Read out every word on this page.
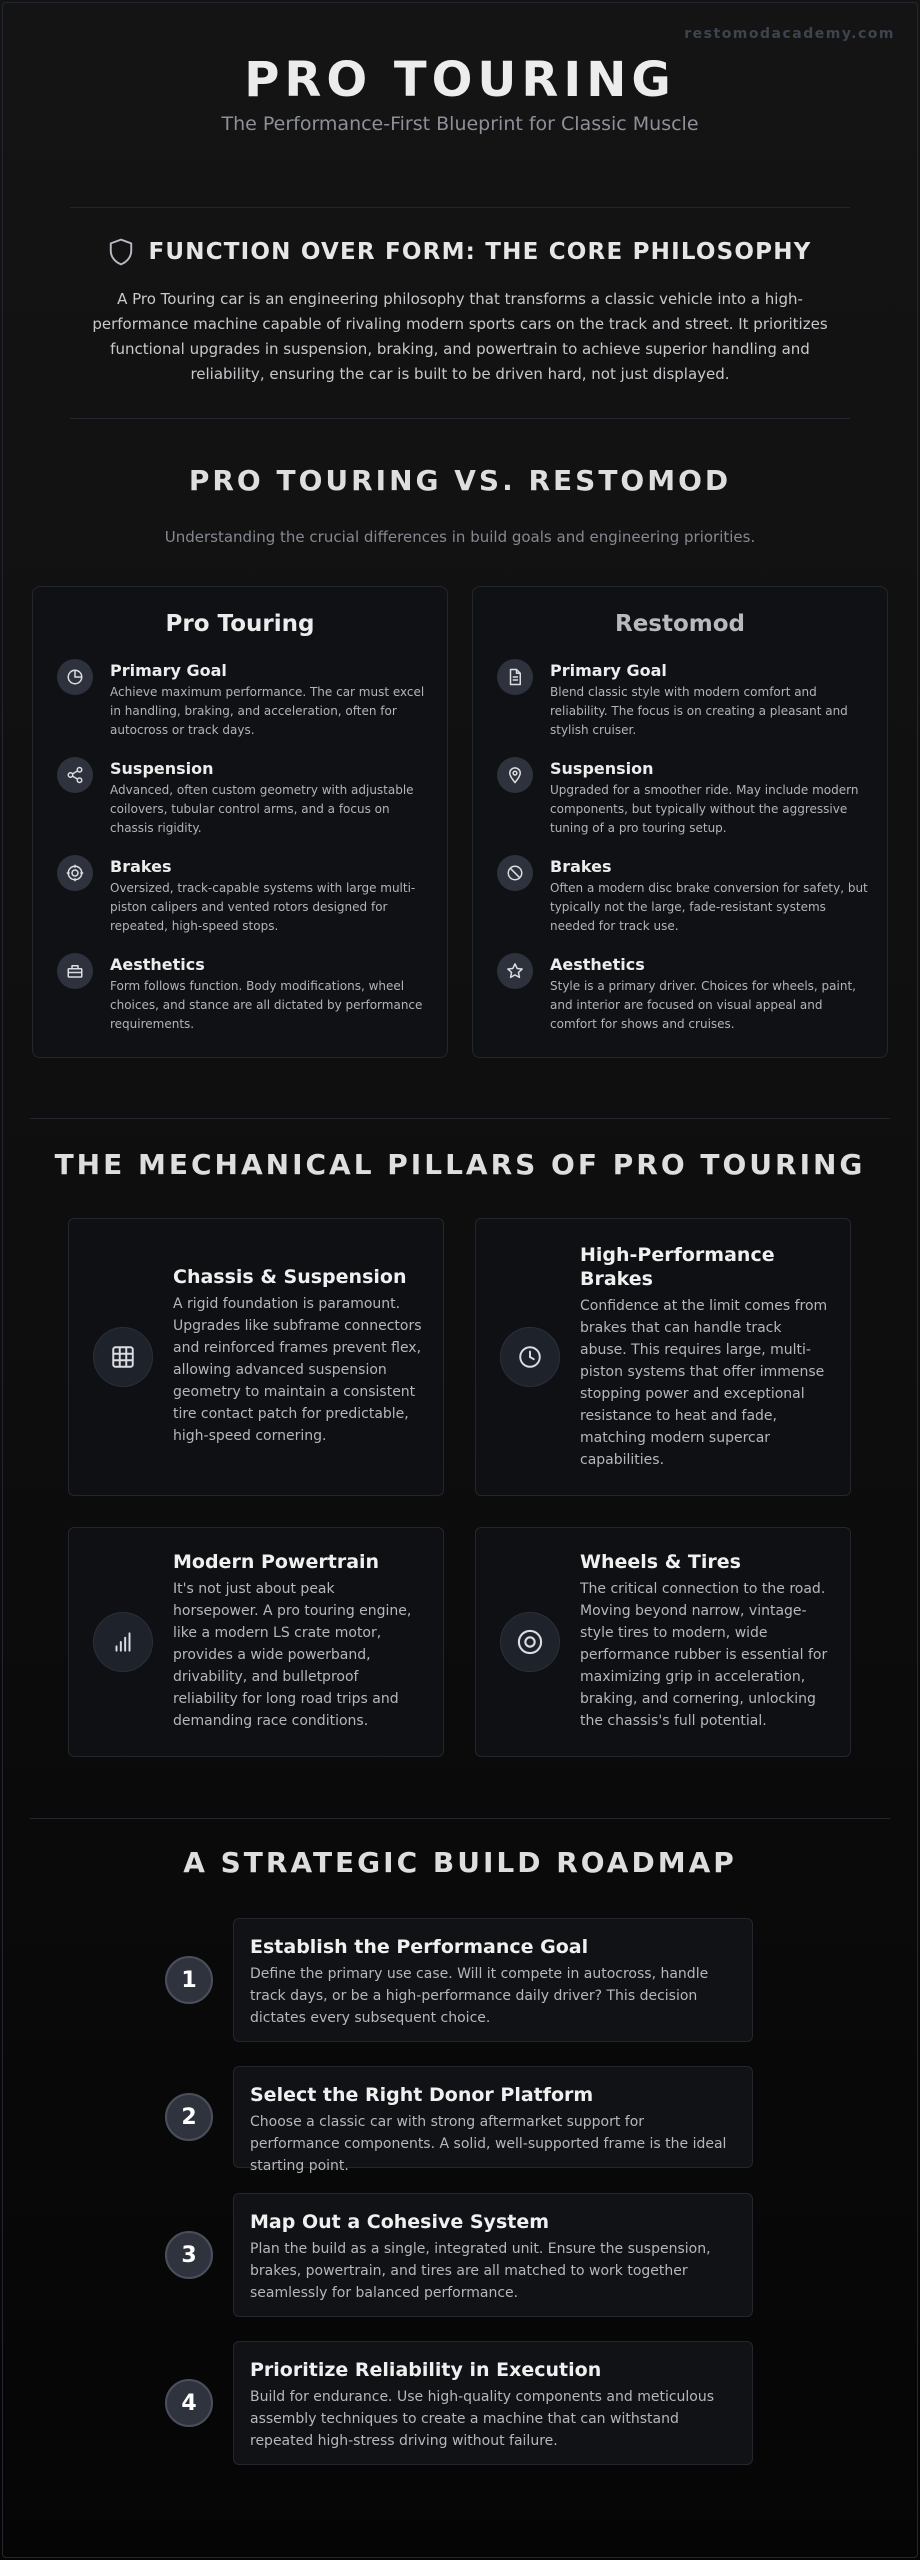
restomodacademy.com
PRO TOURING
The Performance-First Blueprint for Classic Muscle
FUNCTION OVER FORM: THE CORE PHILOSOPHY

A Pro Touring car is an engineering philosophy that transforms a classic vehicle into a high-performance machine capable of rivaling modern sports cars on the track and street. It prioritizes functional upgrades in suspension, braking, and powertrain to achieve superior handling and reliability, ensuring the car is built to be driven hard, not just displayed.

PRO TOURING VS. RESTOMOD
Understanding the crucial differences in build goals and engineering priorities.
Pro Touring
Primary Goal
Achieve maximum performance. The car must excel in handling, braking, and acceleration, often for autocross or track days.
Suspension
Advanced, often custom geometry with adjustable coilovers, tubular control arms, and a focus on chassis rigidity.
Brakes
Oversized, track-capable systems with large multi-piston calipers and vented rotors designed for repeated, high-speed stops.
Aesthetics
Form follows function. Body modifications, wheel choices, and stance are all dictated by performance requirements.
Restomod
Primary Goal
Blend classic style with modern comfort and reliability. The focus is on creating a pleasant and stylish cruiser.
Suspension
Upgraded for a smoother ride. May include modern components, but typically without the aggressive tuning of a pro touring setup.
Brakes
Often a modern disc brake conversion for safety, but typically not the large, fade-resistant systems needed for track use.
Aesthetics
Style is a primary driver. Choices for wheels, paint, and interior are focused on visual appeal and comfort for shows and cruises.
THE MECHANICAL PILLARS OF PRO TOURING
Chassis & Suspension
A rigid foundation is paramount. Upgrades like subframe connectors and reinforced frames prevent flex, allowing advanced suspension geometry to maintain a consistent tire contact patch for predictable, high-speed cornering.
High-Performance Brakes
Confidence at the limit comes from brakes that can handle track abuse. This requires large, multi-piston systems that offer immense stopping power and exceptional resistance to heat and fade, matching modern supercar capabilities.
Modern Powertrain
It's not just about peak horsepower. A pro touring engine, like a modern LS crate motor, provides a wide powerband, drivability, and bulletproof reliability for long road trips and demanding race conditions.
Wheels & Tires
The critical connection to the road. Moving beyond narrow, vintage-style tires to modern, wide performance rubber is essential for maximizing grip in acceleration, braking, and cornering, unlocking the chassis's full potential.
A STRATEGIC BUILD ROADMAP
1
Establish the Performance Goal
Define the primary use case. Will it compete in autocross, handle track days, or be a high-performance daily driver? This decision dictates every subsequent choice.
2
Select the Right Donor Platform
Choose a classic car with strong aftermarket support for performance components. A solid, well-supported frame is the ideal starting point.
3
Map Out a Cohesive System
Plan the build as a single, integrated unit. Ensure the suspension, brakes, powertrain, and tires are all matched to work together seamlessly for balanced performance.
4
Prioritize Reliability in Execution
Build for endurance. Use high-quality components and meticulous assembly techniques to create a machine that can withstand repeated high-stress driving without failure.
